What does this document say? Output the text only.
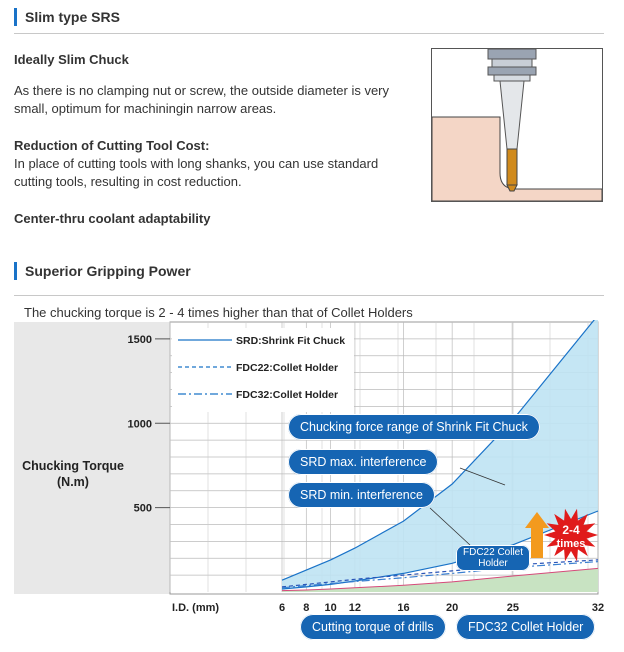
Slim type SRS
Ideally Slim Chuck
As there is no clamping nut or screw, the outside diameter is very
small, optimum for machiningin narrow areas.
Reduction of Cutting Tool Cost:
In place of cutting tools with long shanks, you can use standard
cutting tools, resulting in cost reduction.
Center-thru coolant adaptability
Superior Gripping Power
The chucking torque is 2 - 4 times higher than that of Collet Holders
500
1000
1500
6 8 10 12	16	20	25	32
SRD:Shrink Fit Chuck
FDC22:Collet Holder
FDC32:Collet Holder
Chucking Torque
(N.m)
I.D. (mm)
2-4
times
Chucking force range of Shrink Fit Chuck
SRD max. interference
SRD min. interference
FDC22 Collet Holder
Cutting torque of drills	FDC32 Collet Holder
